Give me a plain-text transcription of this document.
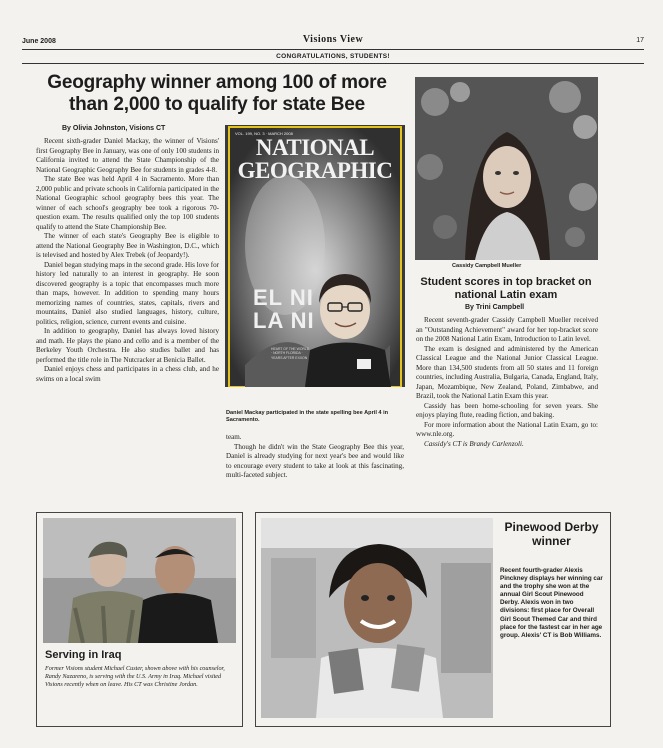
June 2008	Visions View	17
CONGRATULATIONS, STUDENTS!
Geography winner among 100 of more than 2,000 to qualify for state Bee
By Olivia Johnston, Visions CT

Recent sixth-grader Daniel Mackay, the winner of Visions' first Geography Bee in January, was one of only 100 students in California invited to attend the State Championship of the National Geographic Geography Bee for students in grades 4-8.

The state Bee was held April 4 in Sacramento. More than 2,000 public and private schools in California participated in the National Geographic school geography bees this year. The winner of each school's geography bee took a rigorous 70-question exam. The results qualified only the top 100 students qualify to attend the State Championship Bee.

The winner of each state's Geography Bee is eligible to attend the National Geography Bee in Washington, D.C., which is televised and hosted by Alex Trebek (of Jeopardy!).

Daniel began studying maps in the second grade. His love for history led naturally to an interest in geography. He soon discovered geography is a topic that encompasses much more than maps, however. In addition to spending many hours memorizing names of countries, states, capitals, rivers and mountains, Daniel also studied languages, history, culture, politics, religion, science, current events and cuisine.

In addition to geography, Daniel has always loved history and math. He plays the piano and cello and is a member of the Berkeley Youth Orchestra. He also studies ballet and has performed the title role in The Nutcracker at Benicia Ballet.

Daniel enjoys chess and participates in a chess club, and he swims on a local swim

VOL. 199, NO. 3 · MARCH 2008
NATIONAL GEOGRAPHIC
EL NI
LA NI
HEART OF THE WORLD · NORTH FLORIDA · YEARS AFTER EXXON
Daniel Mackay participated in the state spelling bee April 4 in Sacramento.

team.

Though he didn't win the State Geography Bee this year, Daniel is already studying for next year's bee and would like to encourage every student to take at look at this fascinating, multi-faceted subject.

Cassidy Campbell Mueller
Student scores in top bracket on national Latin exam
By Trini Campbell

Recent seventh-grader Cassidy Campbell Mueller received an "Outstanding Achievement" award for her top-bracket score on the 2008 National Latin Exam, Introduction to Latin level.

The exam is designed and administered by the American Classical League and the National Junior Classical League. More than 134,500 students from all 50 states and 11 foreign countries, including Australia, Bulgaria, Canada, England, Italy, Japan, Mozambique, New Zealand, Poland, Zimbabwe, and Brazil, took the National Latin Exam this year.

Cassidy has been home-schooling for seven years. She enjoys playing flute, reading fiction, and baking.

For more information about the National Latin Exam, go to: www.nle.org.

Cassidy's CT is Brandy Carlenzoli.

Serving in Iraq
Former Visions student Michael Custer, shown above with his counselor, Randy Nazareno, is serving with the U.S. Army in Iraq. Michael visited Visions recently when on leave. His CT was Christine Jordan.
Pinewood Derby winner
Recent fourth-grader Alexis Pinckney displays her winning car and the trophy she won at the annual Girl Scout Pinewood Derby. Alexis won in two divisions: first place for Overall Girl Scout Themed Car and third place for the fastest car in her age group. Alexis' CT is Bob Williams.
